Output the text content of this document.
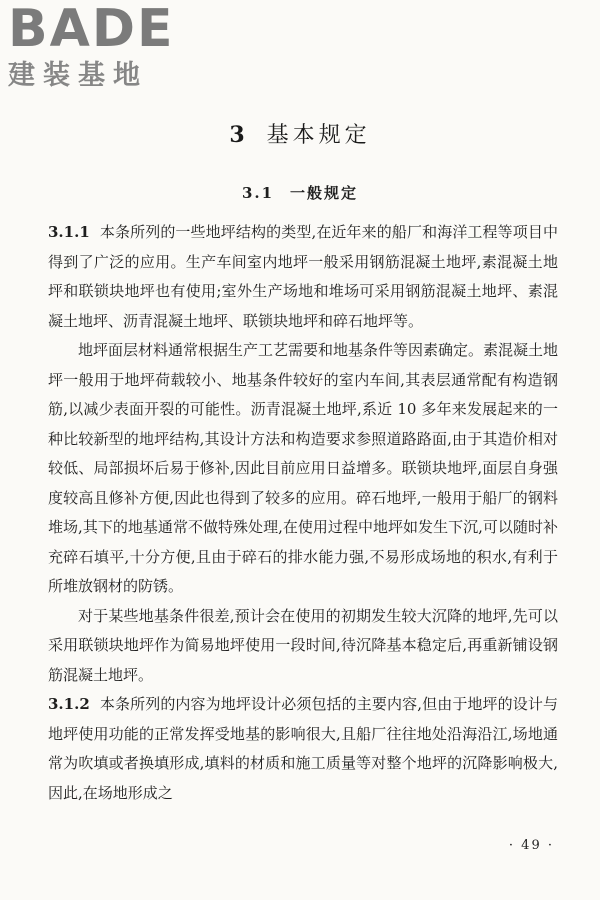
BADE
建装基地
3 基本规定
3.1 一般规定

3.1.1 本条所列的一些地坪结构的类型,在近年来的船厂和海洋工程等项目中得到了广泛的应用。生产车间室内地坪一般采用钢筋混凝土地坪,素混凝土地坪和联锁块地坪也有使用;室外生产场地和堆场可采用钢筋混凝土地坪、素混凝土地坪、沥青混凝土地坪、联锁块地坪和碎石地坪等。

地坪面层材料通常根据生产工艺需要和地基条件等因素确定。素混凝土地坪一般用于地坪荷载较小、地基条件较好的室内车间,其表层通常配有构造钢筋,以减少表面开裂的可能性。沥青混凝土地坪,系近 10 多年来发展起来的一种比较新型的地坪结构,其设计方法和构造要求参照道路路面,由于其造价相对较低、局部损坏后易于修补,因此目前应用日益增多。联锁块地坪,面层自身强度较高且修补方便,因此也得到了较多的应用。碎石地坪,一般用于船厂的钢料堆场,其下的地基通常不做特殊处理,在使用过程中地坪如发生下沉,可以随时补充碎石填平,十分方便,且由于碎石的排水能力强,不易形成场地的积水,有利于所堆放钢材的防锈。

对于某些地基条件很差,预计会在使用的初期发生较大沉降的地坪,先可以采用联锁块地坪作为简易地坪使用一段时间,待沉降基本稳定后,再重新铺设钢筋混凝土地坪。

3.1.2 本条所列的内容为地坪设计必须包括的主要内容,但由于地坪的设计与地坪使用功能的正常发挥受地基的影响很大,且船厂往往地处沿海沿江,场地通常为吹填或者换填形成,填料的材质和施工质量等对整个地坪的沉降影响极大,因此,在场地形成之

· 49 ·
